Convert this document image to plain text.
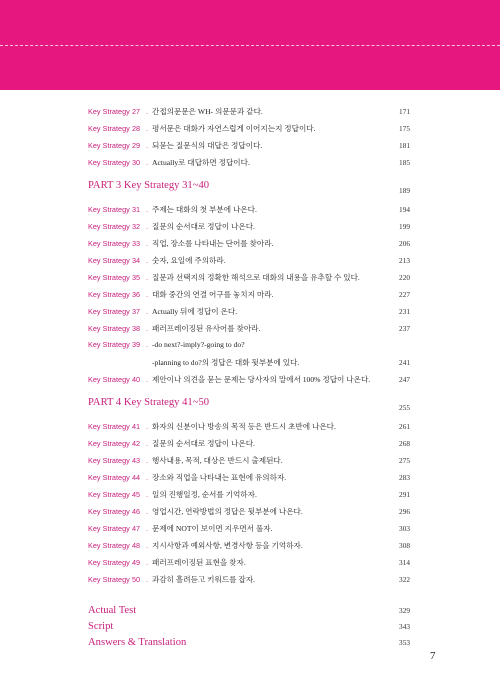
Key Strategy 27 . 간접의문문은 WH- 의문문과 같다.	171
Key Strategy 28 . 평서문은 대화가 자연스럽게 이어지는지 정답이다.	175
Key Strategy 29 . 되묻는 질문식의 대답은 정답이다.	181
Key Strategy 30 . Actually로 대답하면 정답이다.	185
PART 3 Key Strategy 31~40	189
Key Strategy 31 . 주제는 대화의 첫 부분에 나온다.	194
Key Strategy 32 . 질문의 순서대로 정답이 나온다.	199
Key Strategy 33 . 직업, 장소를 나타내는 단어를 찾아라.	206
Key Strategy 34 . 숫자, 요일에 주의하라.	213
Key Strategy 35 . 질문과 선택지의 정확한 해석으로 대화의 내용을 유추할 수 있다.	220
Key Strategy 36 . 대화 중간의 연결 어구를 놓치지 마라.	227
Key Strategy 37 . Actually 뒤에 정답이 온다.	231
Key Strategy 38 . 패러프레이징된 유사어를 찾아라.	237
Key Strategy 39 . -do next?-imply?-going to do?
-planning to do?의 정답은 대화 뒷부분에 있다.	241
Key Strategy 40 . 제안이나 의견을 묻는 문제는 당사자의 말에서 100% 정답이 나온다.	247
PART 4 Key Strategy 41~50	255
Key Strategy 41 . 화자의 신분이나 방송의 목적 등은 반드시 초반에 나온다.	261
Key Strategy 42 . 질문의 순서대로 정답이 나온다.	268
Key Strategy 43 . 행사내용, 목적, 대상은 반드시 출제된다.	275
Key Strategy 44 . 장소와 직업을 나타내는 표현에 유의하자.	283
Key Strategy 45 . 일의 진행일정, 순서를 기억하자.	291
Key Strategy 46 . 영업시간, 연락방법의 정답은 뒷부분에 나온다.	296
Key Strategy 47 . 문제에 NOT이 보이면 지우면서 풀자.	303
Key Strategy 48 . 지시사항과 예외사항, 변경사항 등을 기억하자.	308
Key Strategy 49 . 패러프레이징된 표현을 찾자.	314
Key Strategy 50 . 과감히 흘려듣고 키워드를 잡자.	322
Actual Test	329
Script	343
Answers & Translation	353
7
